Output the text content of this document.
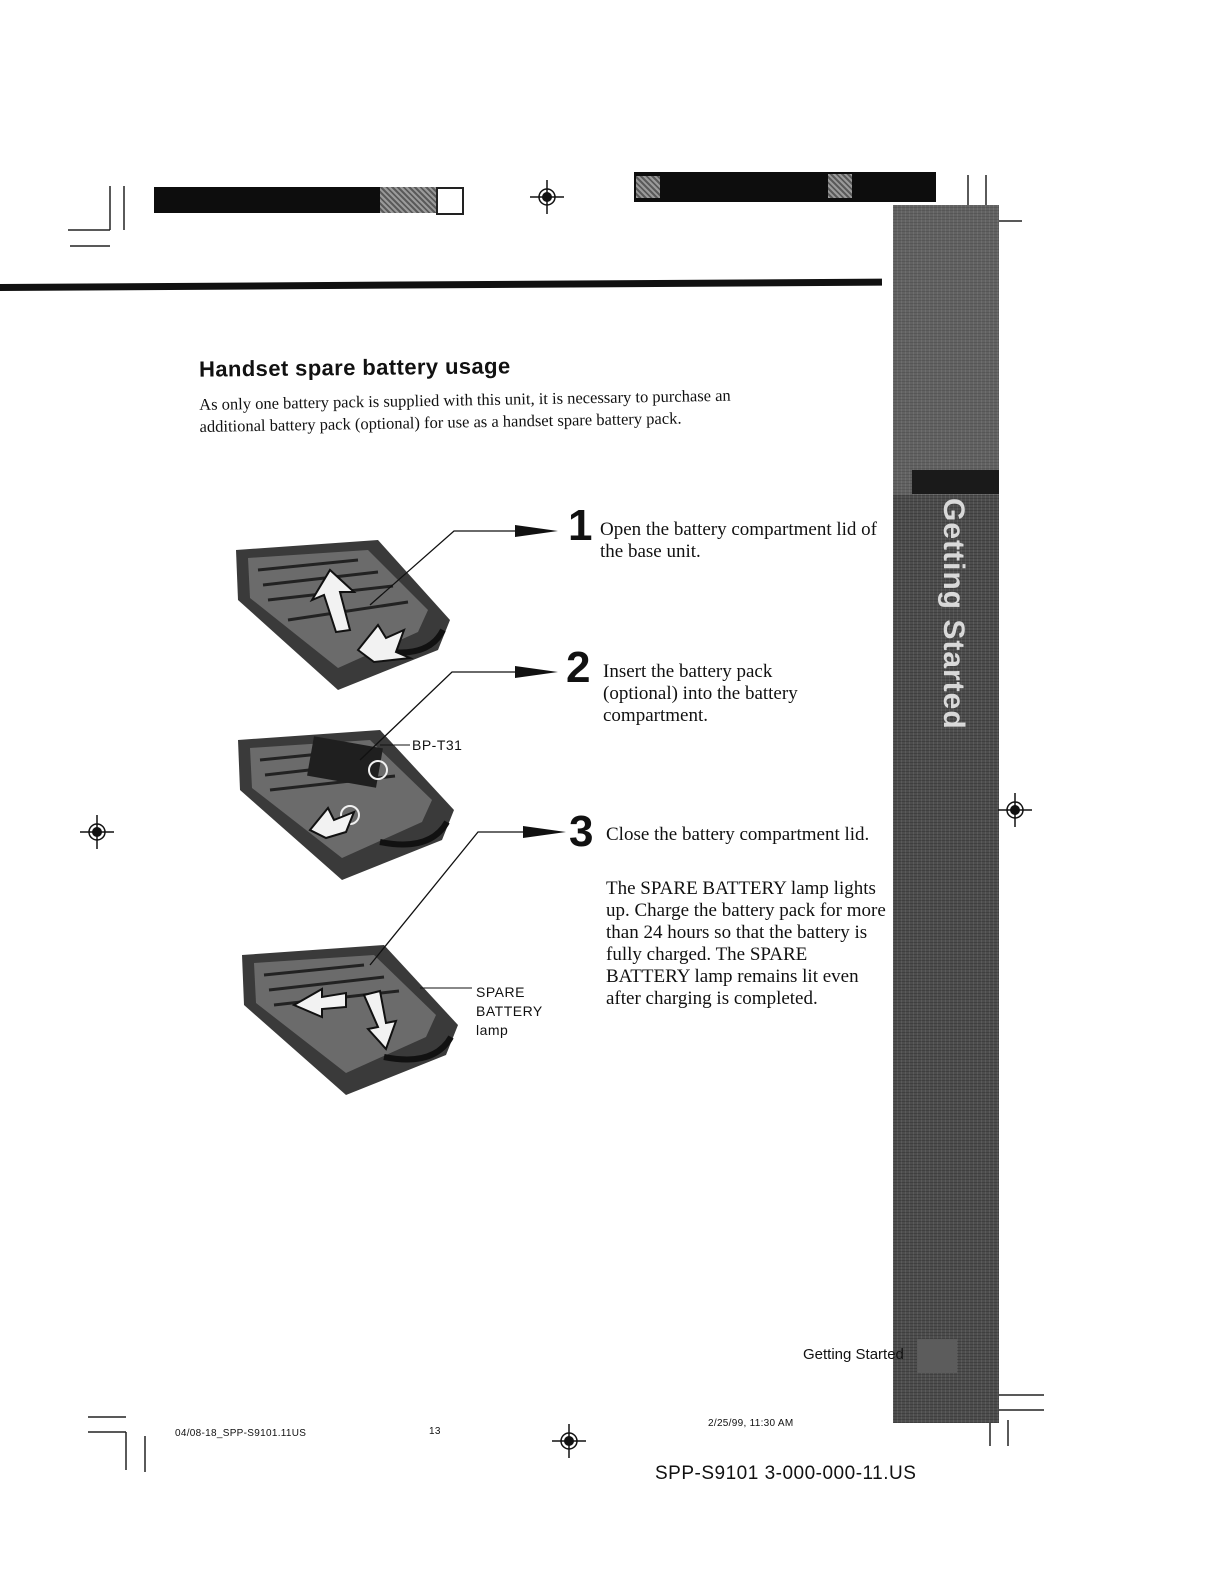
Getting Started
Handset spare battery usage
As only one battery pack is supplied with this unit, it is necessary to purchase an additional battery pack (optional) for use as a handset spare battery pack.
1 Open the battery compartment lid of the base unit.
2 Insert the battery pack (optional) into the battery compartment.
3 Close the battery compartment lid.
The SPARE BATTERY lamp lights up. Charge the battery pack for more than 24 hours so that the battery is fully charged. The SPARE BATTERY lamp remains lit even after charging is completed.
BP-T31
SPARE
BATTERY
lamp
Getting Started
04/08-18_SPP-S9101.11US	13
2/25/99, 11:30 AM
SPP-S9101 3-000-000-11.US
